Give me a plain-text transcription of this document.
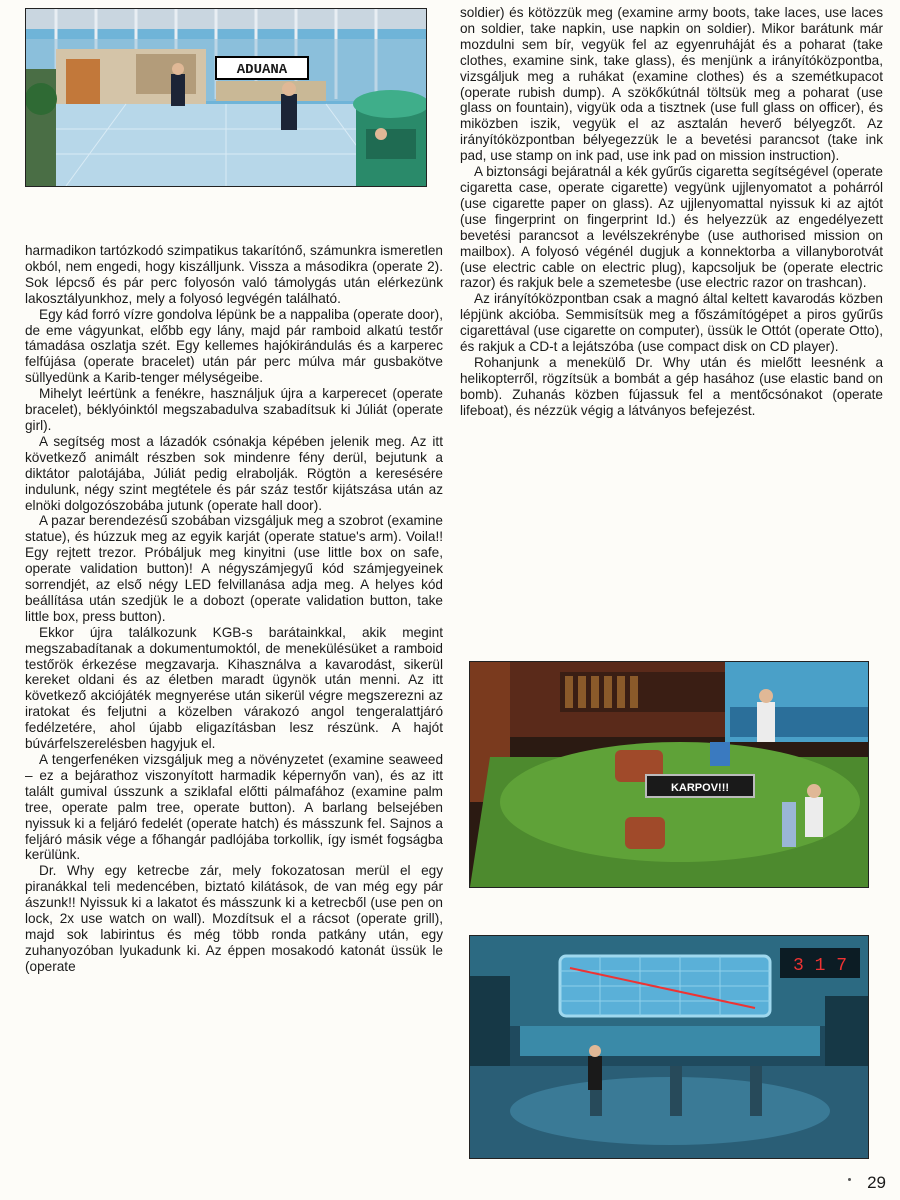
ADUANA

harmadikon tartózkodó szimpatikus takarítónő, számunkra ismeretlen okból, nem engedi, hogy kiszálljunk. Vissza a másodikra (operate 2). Sok lépcső és pár perc folyosón való támolygás után elérkezünk lakosztályunkhoz, mely a folyosó legvégén található.

Egy kád forró vízre gondolva lépünk be a nappaliba (operate door), de eme vágyunkat, előbb egy lány, majd pár ramboid alkatú testőr támadása oszlatja szét. Egy kellemes hajókirándulás és a karperec felfújása (operate bracelet) után pár perc múlva már gusbakötve süllyedünk a Karib-tenger mélységeibe.

Mihelyt leértünk a fenékre, használjuk újra a karperecet (operate bracelet), béklyóinktól megszabadulva szabadítsuk ki Júliát (operate girl).

A segítség most a lázadók csónakja képében jelenik meg. Az itt következő animált részben sok mindenre fény derül, bejutunk a diktátor palotájába, Júliát pedig elrabolják. Rögtön a keresésére indulunk, négy szint megtétele és pár száz testőr kijátszása után az elnöki dolgozószobába jutunk (operate hall door).

A pazar berendezésű szobában vizsgáljuk meg a szobrot (examine statue), és húzzuk meg az egyik karját (operate statue's arm). Voila!! Egy rejtett trezor. Próbáljuk meg kinyitni (use little box on safe, operate validation button)! A négyszámjegyű kód számjegyeinek sorrendjét, az első négy LED felvillanása adja meg. A helyes kód beállítása után szedjük le a dobozt (operate validation button, take little box, press button).

Ekkor újra találkozunk KGB-s barátainkkal, akik megint megszabadítanak a dokumentumoktól, de menekülésüket a ramboid testőrök érkezése megzavarja. Kihasználva a kavarodást, sikerül kereket oldani és az életben maradt ügynök után menni. Az itt következő akciójáték megnyerése után sikerül végre megszerezni az iratokat és feljutni a közelben várakozó angol tengeralattjáró fedélzetére, ahol újabb eligazításban lesz részünk. A hajót búvárfelszerelésben hagyjuk el.

A tengerfenéken vizsgáljuk meg a növényzetet (examine seaweed – ez a bejárathoz viszonyított harmadik képernyőn van), és az itt talált gumival ússzunk a sziklafal előtti pálmafához (examine palm tree, operate palm tree, operate button). A barlang belsejében nyissuk ki a feljáró fedelét (operate hatch) és másszunk fel. Sajnos a feljáró másik vége a főhangár padlójába torkollik, így ismét fogságba kerülünk.

Dr. Why egy ketrecbe zár, mely fokozatosan merül el egy piranákkal teli medencében, biztató kilátások, de van még egy pár ászunk!! Nyissuk ki a lakatot és másszunk ki a ketrecből (use pen on lock, 2x use watch on wall). Mozdítsuk el a rácsot (operate grill), majd sok labirintus és még több ronda patkány után, egy zuhanyozóban lyukadunk ki. Az éppen mosakodó katonát üssük le (operate

soldier) és kötözzük meg (examine army boots, take laces, use laces on soldier, take napkin, use napkin on soldier). Mikor barátunk már mozdulni sem bír, vegyük fel az egyenruháját és a poharat (take clothes, examine sink, take glass), és menjünk a irányítóközpontba, vizsgáljuk meg a ruhákat (examine clothes) és a szemétkupacot (operate rubish dump). A szökőkútnál töltsük meg a poharat (use glass on fountain), vigyük oda a tisztnek (use full glass on officer), és miközben iszik, vegyük el az asztalán heverő bélyegzőt. Az irányítóközpontban bélyegezzük le a bevetési parancsot (take ink pad, use stamp on ink pad, use ink pad on mission instruction).

A biztonsági bejáratnál a kék gyűrűs cigaretta segítségével (operate cigaretta case, operate cigarette) vegyünk ujjlenyomatot a pohárról (use cigarette paper on glass). Az ujjlenyomattal nyissuk ki az ajtót (use fingerprint on fingerprint Id.) és helyezzük az engedélyezett bevetési parancsot a levélszekrénybe (use authorised mission on mailbox). A folyosó végénél dugjuk a konnektorba a villanyborotvát (use electric cable on electric plug), kapcsoljuk be (operate electric razor) és rakjuk bele a szemetesbe (use electric razor on trashcan).

Az irányítóközpontban csak a magnó által keltett kavarodás közben lépjünk akcióba. Semmisítsük meg a főszámítógépet a piros gyűrűs cigarettával (use cigarette on computer), üssük le Ottót (operate Otto), és rakjuk a CD-t a lejátszóba (use compact disk on CD player).

Rohanjunk a menekülő Dr. Why után és mielőtt leesnénk a helikopterről, rögzítsük a bombát a gép hasához (use elastic band on bomb). Zuhanás közben fújassuk fel a mentőcsónakot (operate lifeboat), és nézzük végig a látványos befejezést.

KARPOV!!!
3 1 7
29
